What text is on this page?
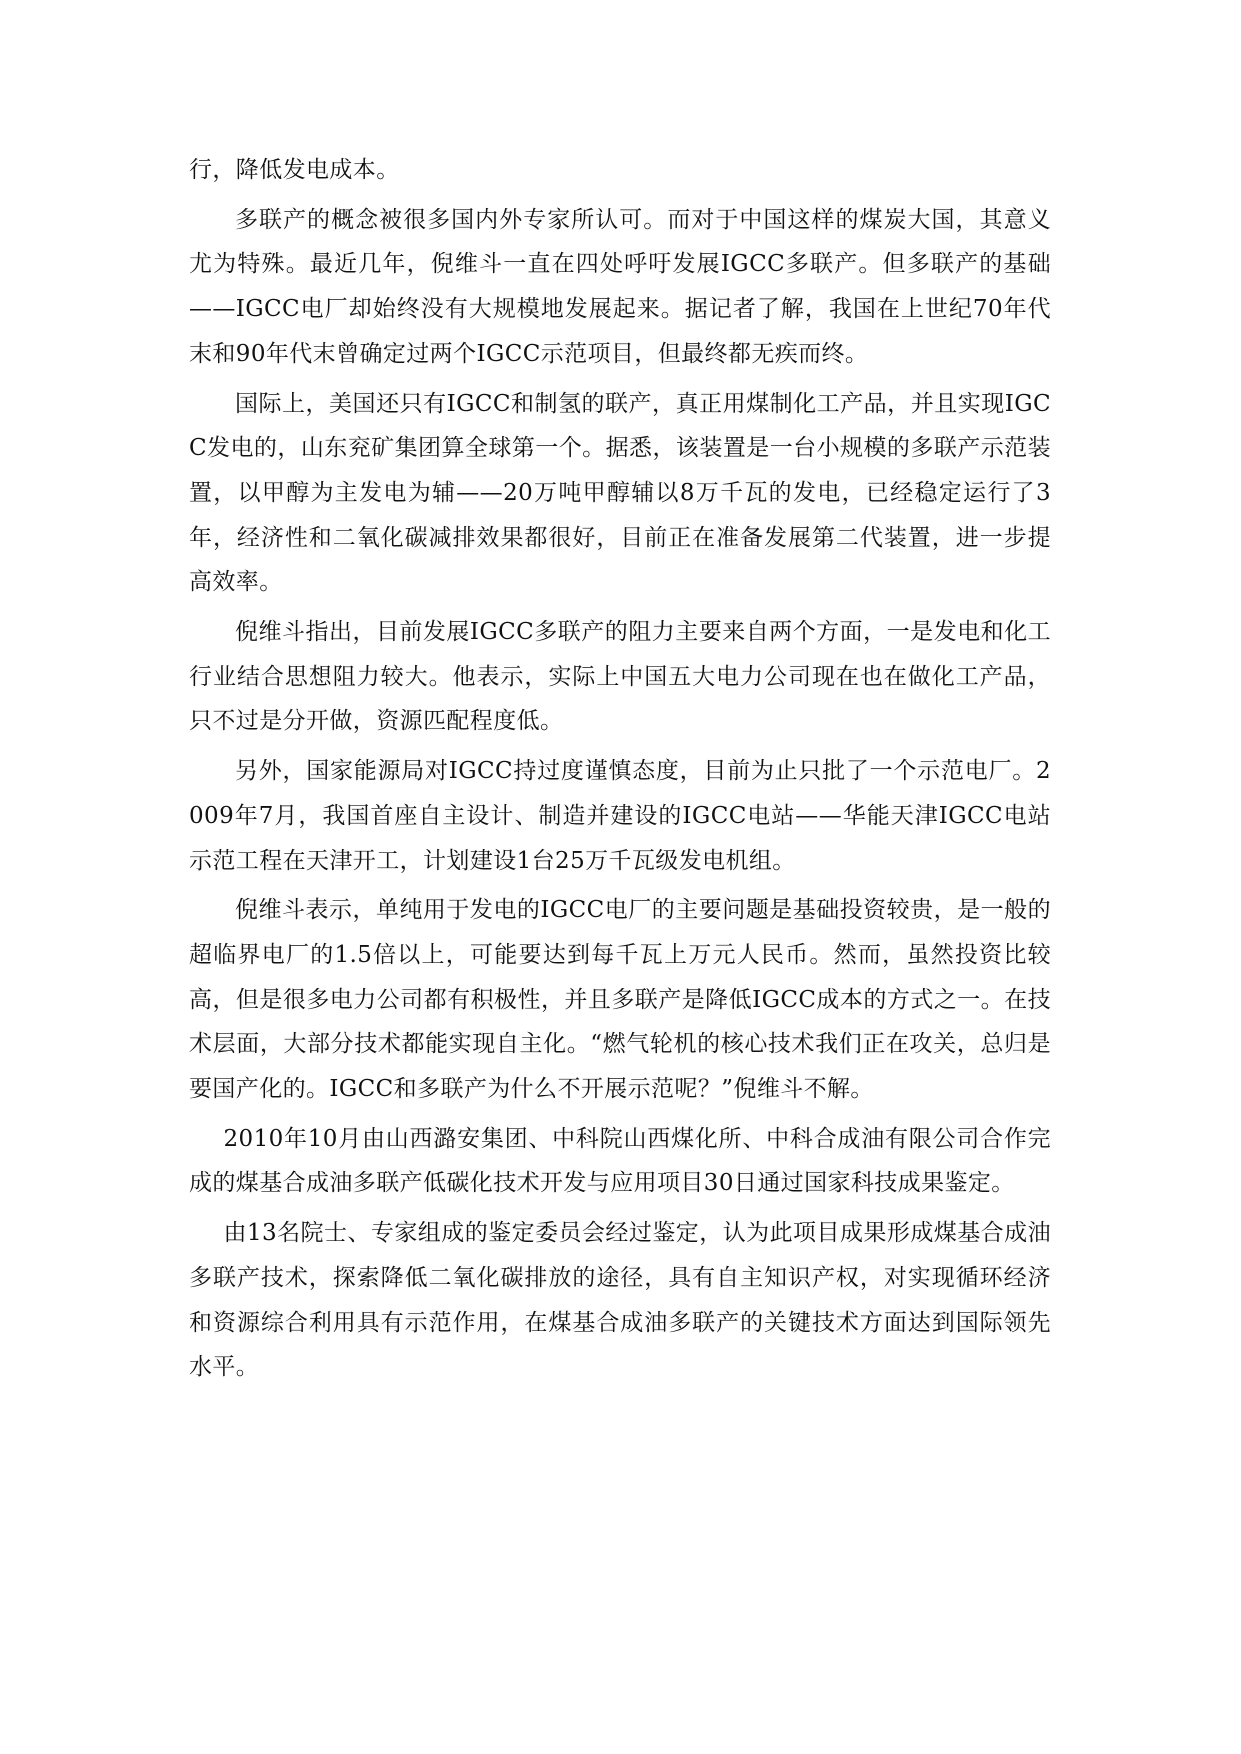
行，降低发电成本。

多联产的概念被很多国内外专家所认可。而对于中国这样的煤炭大国，其意义尤为特殊。最近几年，倪维斗一直在四处呼吁发展IGCC多联产。但多联产的基础——IGCC电厂却始终没有大规模地发展起来。据记者了解，我国在上世纪70年代末和90年代末曾确定过两个IGCC示范项目，但最终都无疾而终。

国际上，美国还只有IGCC和制氢的联产，真正用煤制化工产品，并且实现IGCC发电的，山东兖矿集团算全球第一个。据悉，该装置是一台小规模的多联产示范装置，以甲醇为主发电为辅——20万吨甲醇辅以8万千瓦的发电，已经稳定运行了3年，经济性和二氧化碳减排效果都很好，目前正在准备发展第二代装置，进一步提高效率。

倪维斗指出，目前发展IGCC多联产的阻力主要来自两个方面，一是发电和化工行业结合思想阻力较大。他表示，实际上中国五大电力公司现在也在做化工产品，只不过是分开做，资源匹配程度低。

另外，国家能源局对IGCC持过度谨慎态度，目前为止只批了一个示范电厂。2009年7月，我国首座自主设计、制造并建设的IGCC电站——华能天津IGCC电站示范工程在天津开工，计划建设1台25万千瓦级发电机组。

倪维斗表示，单纯用于发电的IGCC电厂的主要问题是基础投资较贵，是一般的超临界电厂的1.5倍以上，可能要达到每千瓦上万元人民币。然而，虽然投资比较高，但是很多电力公司都有积极性，并且多联产是降低IGCC成本的方式之一。在技术层面，大部分技术都能实现自主化。“燃气轮机的核心技术我们正在攻关，总归是要国产化的。IGCC和多联产为什么不开展示范呢？”倪维斗不解。

2010年10月由山西潞安集团、中科院山西煤化所、中科合成油有限公司合作完成的煤基合成油多联产低碳化技术开发与应用项目30日通过国家科技成果鉴定。

由13名院士、专家组成的鉴定委员会经过鉴定，认为此项目成果形成煤基合成油多联产技术，探索降低二氧化碳排放的途径，具有自主知识产权，对实现循环经济和资源综合利用具有示范作用，在煤基合成油多联产的关键技术方面达到国际领先水平。
